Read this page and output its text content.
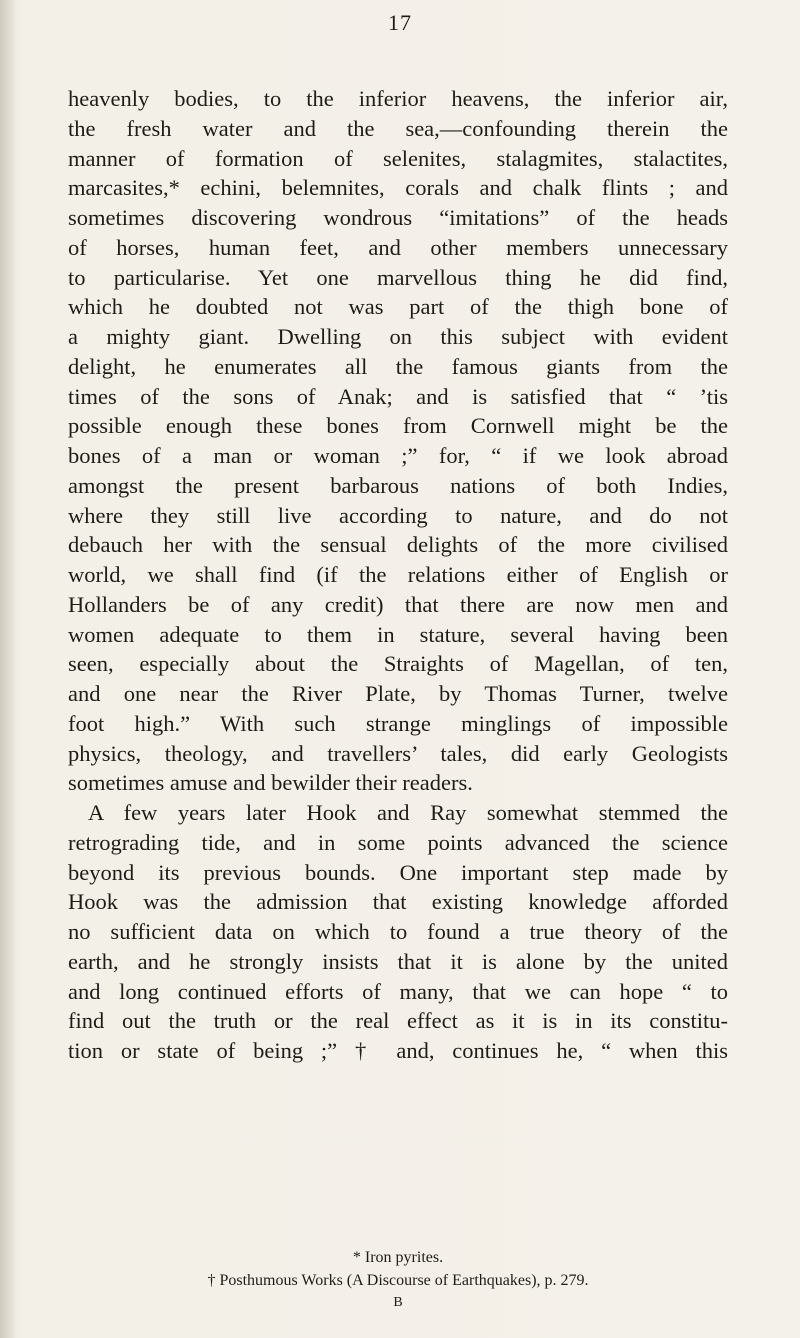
17
heavenly bodies, to the inferior heavens, the inferior air,
the fresh water and the sea,—confounding therein the
manner of formation of selenites, stalagmites, stalactites,
marcasites,* echini, belemnites, corals and chalk flints ; and
sometimes discovering wondrous “imitations” of the heads
of horses, human feet, and other members unnecessary
to particularise. Yet one marvellous thing he did find,
which he doubted not was part of the thigh bone of
a mighty giant. Dwelling on this subject with evident
delight, he enumerates all the famous giants from the
times of the sons of Anak; and is satisfied that “ ’tis
possible enough these bones from Cornwell might be the
bones of a man or woman ;” for, “ if we look abroad
amongst the present barbarous nations of both Indies,
where they still live according to nature, and do not
debauch her with the sensual delights of the more civilised
world, we shall find (if the relations either of English or
Hollanders be of any credit) that there are now men and
women adequate to them in stature, several having been
seen, especially about the Straights of Magellan, of ten,
and one near the River Plate, by Thomas Turner, twelve
foot high.” With such strange minglings of impossible
physics, theology, and travellers’ tales, did early Geologists
sometimes amuse and bewilder their readers.
A few years later Hook and Ray somewhat stemmed the
retrograding tide, and in some points advanced the science
beyond its previous bounds. One important step made by
Hook was the admission that existing knowledge afforded
no sufficient data on which to found a true theory of the
earth, and he strongly insists that it is alone by the united
and long continued efforts of many, that we can hope “ to
find out the truth or the real effect as it is in its constitu-
tion or state of being ;” † and, continues he, “ when this
* Iron pyrites.
† Posthumous Works (A Discourse of Earthquakes), p. 279.
B
